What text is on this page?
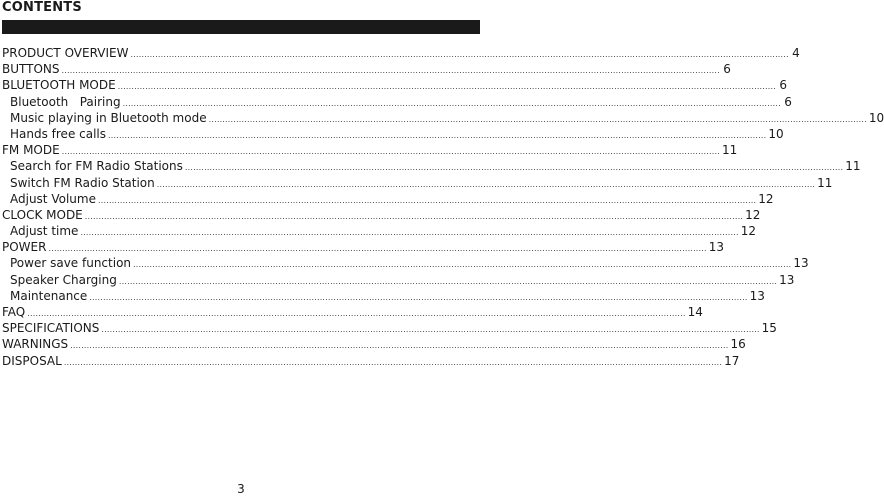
CONTENTS
PRODUCT OVERVIEW .....	4
BUTTONS .....	6
BLUETOOTH MODE .....	6
Bluetooth   Pairing .....	6
Music playing in Bluetooth mode .....	10
Hands free calls .....	10
FM MODE .....	11
Search for FM Radio Stations .....	11
Switch FM Radio Station .....	11
Adjust Volume .....	12
CLOCK MODE .....	12
Adjust time .....	12
POWER .....	13
Power save function .....	13
Speaker Charging .....	13
Maintenance .....	13
FAQ .....	14
SPECIFICATIONS .....	15
WARNINGS .....	16
DISPOSAL .....	17
3
